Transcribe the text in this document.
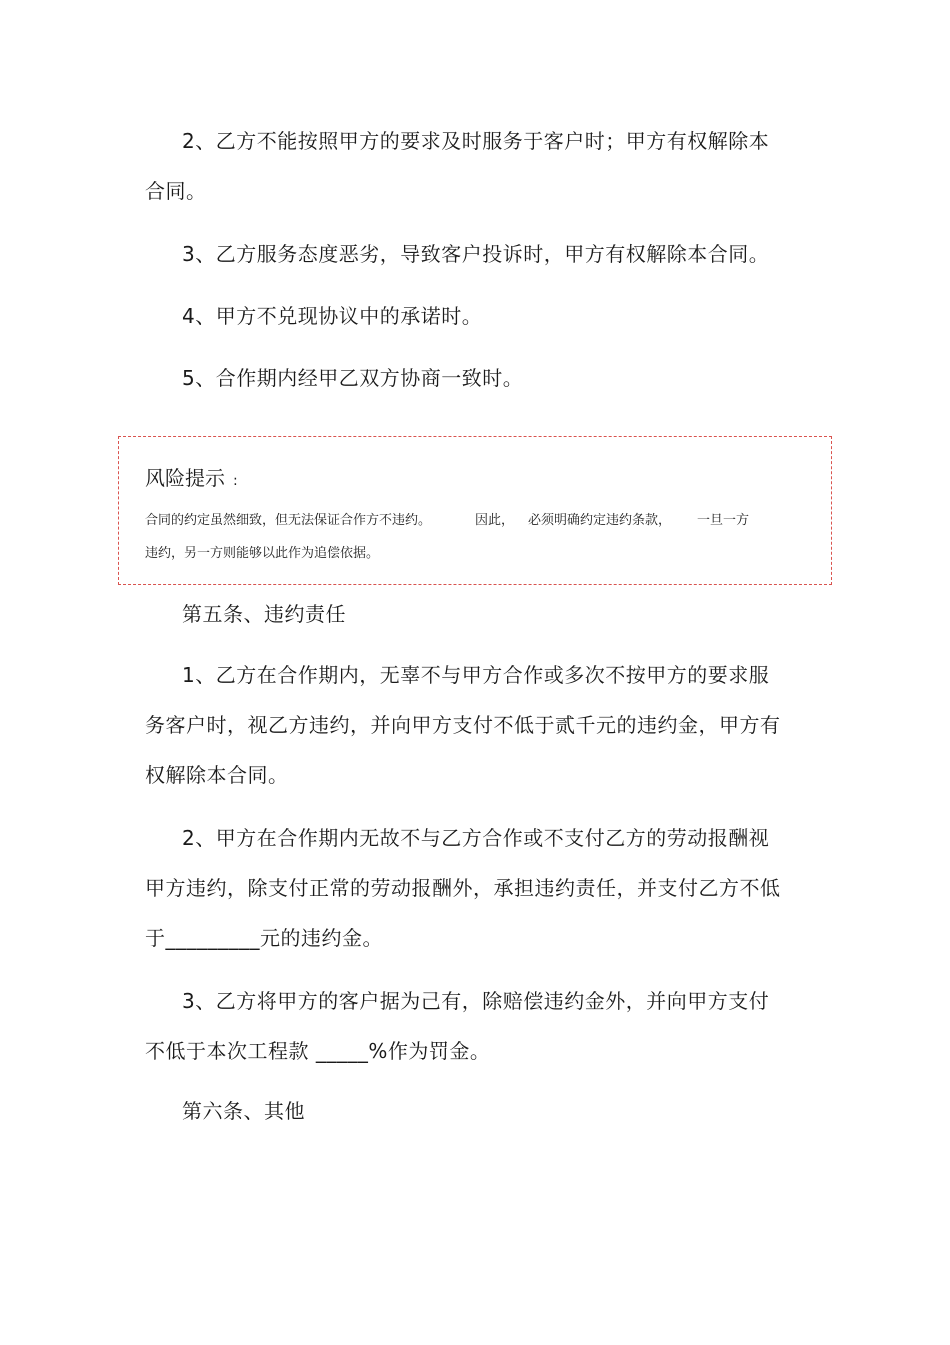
2、乙方不能按照甲方的要求及时服务于客户时；甲方有权解除本
合同。
3、乙方服务态度恶劣，导致客户投诉时，甲方有权解除本合同。
4、甲方不兑现协议中的承诺时。
5、合作期内经甲乙双方协商一致时。
风险提示 :
合同的约定虽然细致，但无法保证合作方不违约。	因此， 必须明确约定违约条款， 一旦一方
违约，另一方则能够以此作为追偿依据。
第五条、违约责任
1、乙方在合作期内，无辜不与甲方合作或多次不按甲方的要求服
务客户时，视乙方违约，并向甲方支付不低于贰千元的违约金，甲方有
权解除本合同。
2、甲方在合作期内无故不与乙方合作或不支付乙方的劳动报酬视
甲方违约，除支付正常的劳动报酬外，承担违约责任，并支付乙方不低
于_________元的违约金。
3、乙方将甲方的客户据为己有，除赔偿违约金外，并向甲方支付
不低于本次工程款 _____%作为罚金。
第六条、其他
